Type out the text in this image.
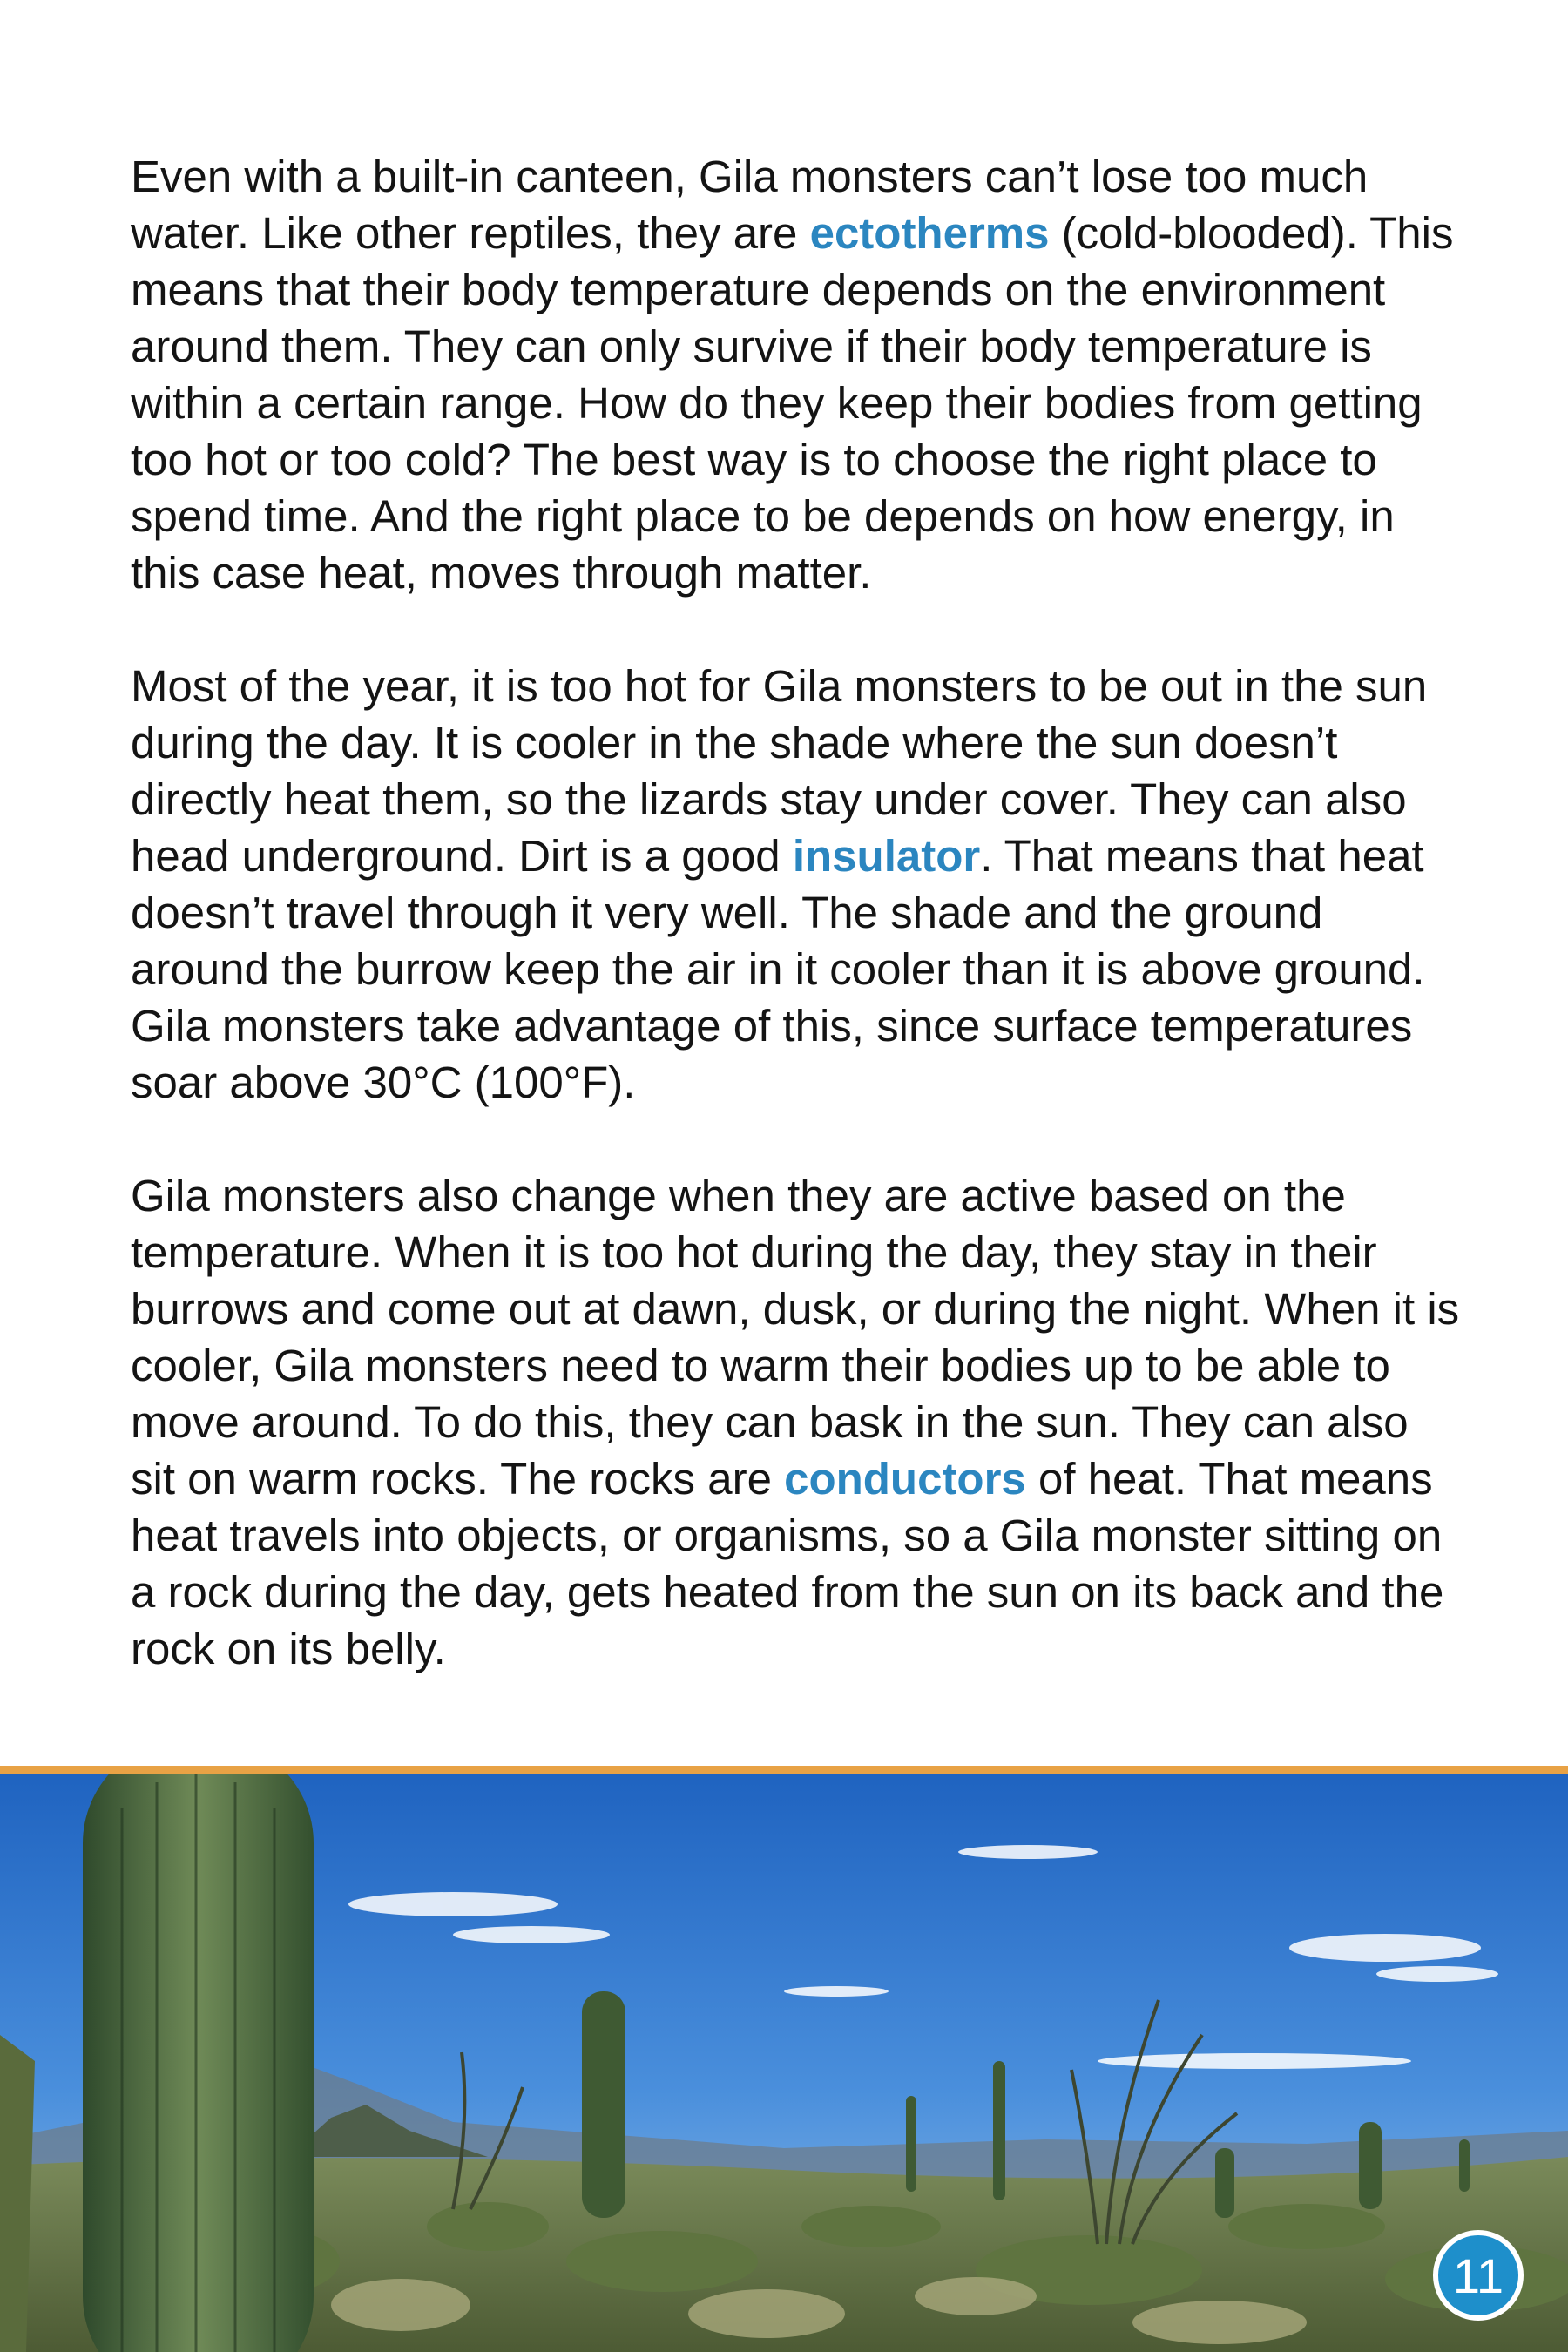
Even with a built-in canteen, Gila monsters can’t lose too much water. Like other reptiles, they are ectotherms (cold-blooded). This means that their body temperature depends on the environment around them. They can only survive if their body temperature is within a certain range. How do they keep their bodies from getting too hot or too cold? The best way is to choose the right place to spend time. And the right place to be depends on how energy, in this case heat, moves through matter.

Most of the year, it is too hot for Gila monsters to be out in the sun during the day. It is cooler in the shade where the sun doesn’t directly heat them, so the lizards stay under cover. They can also head underground. Dirt is a good insulator. That means that heat doesn’t travel through it very well. The shade and the ground around the burrow keep the air in it cooler than it is above ground. Gila monsters take advantage of this, since surface temperatures soar above 30°C (100°F).

Gila monsters also change when they are active based on the temperature. When it is too hot during the day, they stay in their burrows and come out at dawn, dusk, or during the night. When it is cooler, Gila monsters need to warm their bodies up to be able to move around. To do this, they can bask in the sun. They can also sit on warm rocks. The rocks are conductors of heat. That means heat travels into objects, or organisms, so a Gila monster sitting on a rock during the day, gets heated from the sun on its back and the rock on its belly.

11
